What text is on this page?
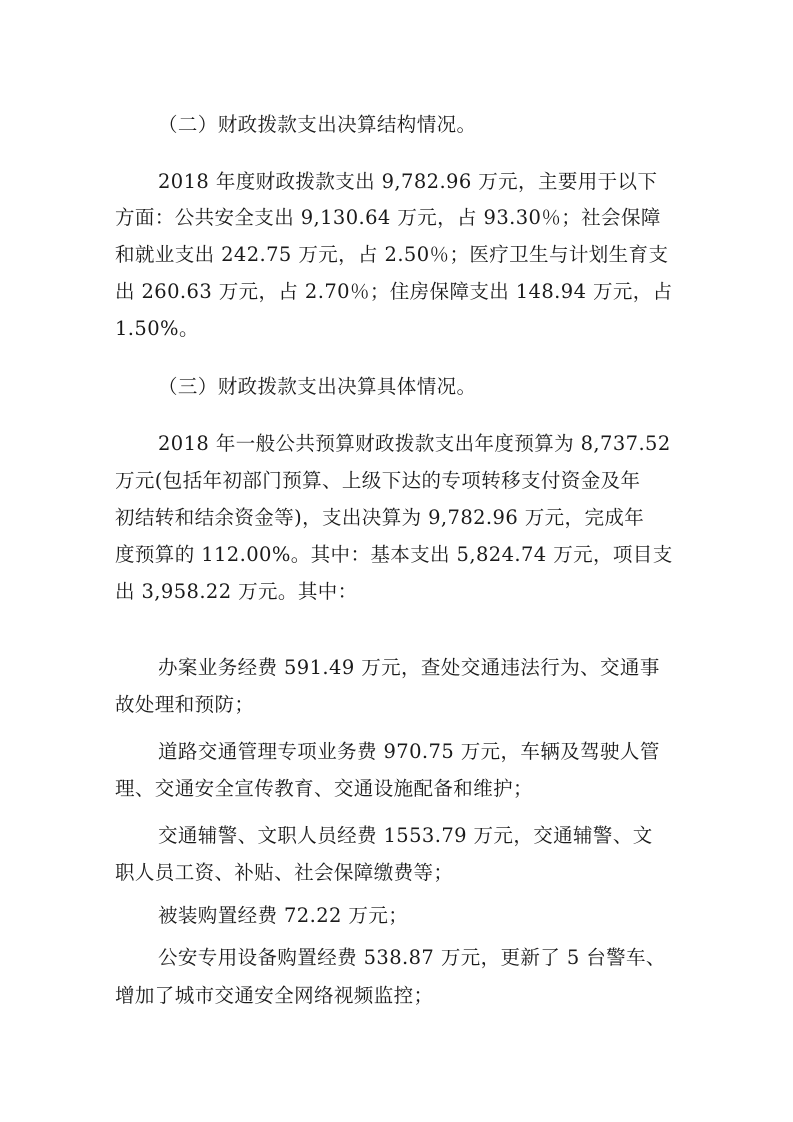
（二）财政拨款支出决算结构情况。
2018 年度财政拨款支出 9,782.96 万元，主要用于以下
方面：公共安全支出 9,130.64 万元，占 93.30％；社会保障
和就业支出 242.75 万元，占 2.50％；医疗卫生与计划生育支
出 260.63 万元，占 2.70％；住房保障支出 148.94 万元，占
1.50%。
（三）财政拨款支出决算具体情况。
2018 年一般公共预算财政拨款支出年度预算为 8,737.52
万元(包括年初部门预算、上级下达的专项转移支付资金及年
初结转和结余资金等)，支出决算为 9,782.96 万元，完成年
度预算的 112.00%。其中：基本支出 5,824.74 万元，项目支
出 3,958.22 万元。其中：
办案业务经费 591.49 万元，查处交通违法行为、交通事
故处理和预防；
道路交通管理专项业务费 970.75 万元，车辆及驾驶人管
理、交通安全宣传教育、交通设施配备和维护；
交通辅警、文职人员经费 1553.79 万元，交通辅警、文
职人员工资、补贴、社会保障缴费等；
被装购置经费 72.22 万元；
公安专用设备购置经费 538.87 万元，更新了 5 台警车、
增加了城市交通安全网络视频监控；
